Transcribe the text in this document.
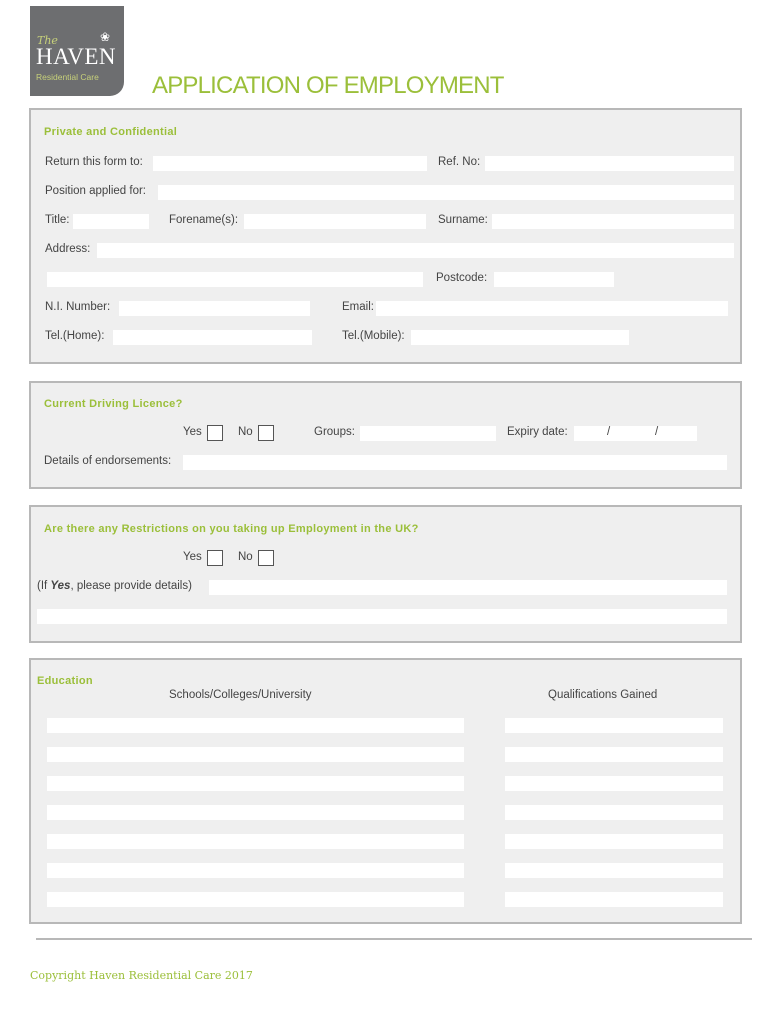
The	❀
HAVEN
Residential Care APPLICATION OF EMPLOYMENT
Private and Confidential
Return this form to:	Ref. No:
Position applied for:
Title:	Forename(s):	Surname:
Address:
Postcode:
N.I. Number:	Email:
Tel.(Home):	Tel.(Mobile):
Current Driving Licence?
Yes	No	Groups:	Expiry date:	/	/
Details of endorsements:
Are there any Restrictions on you taking up Employment in the UK?
Yes	No
(If Yes, please provide details)
Education
Schools/Colleges/University	Qualifications Gained
Copyright Haven Residential Care 2017
